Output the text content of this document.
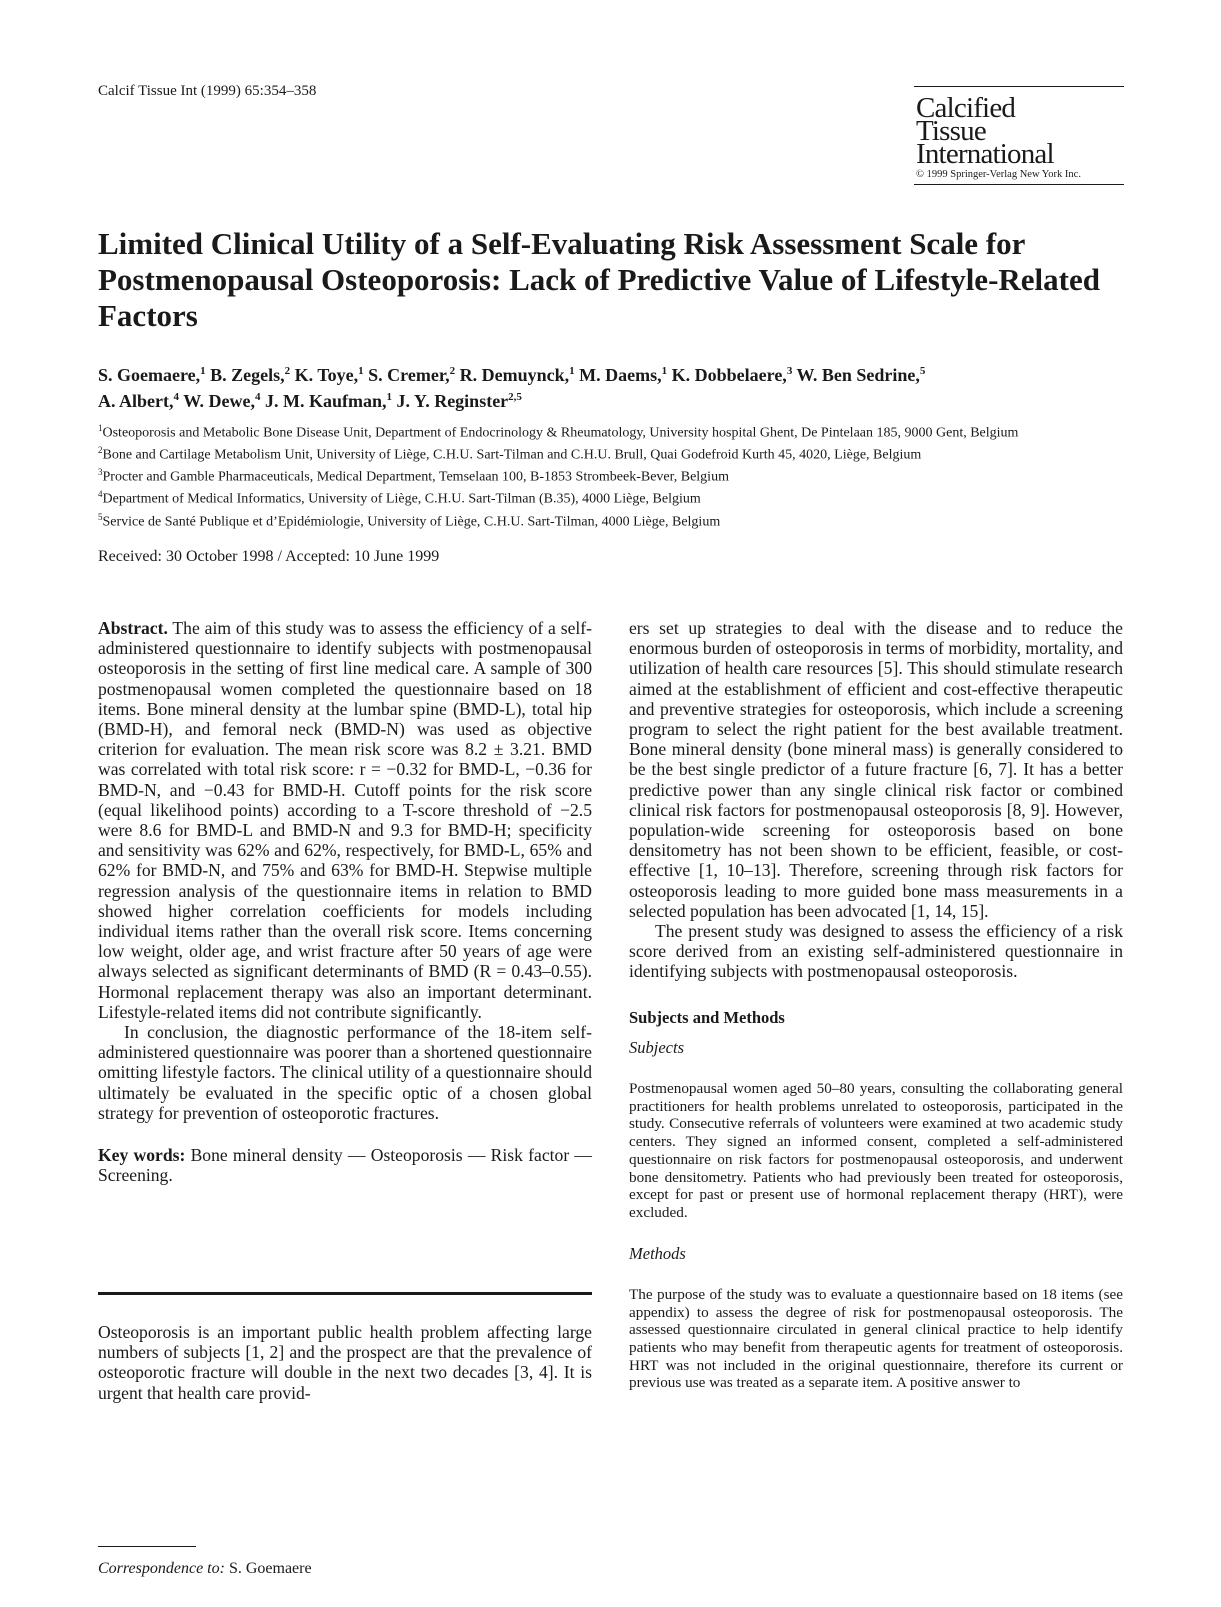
Calcif Tissue Int (1999) 65:354–358
Calcified
Tissue
International
© 1999 Springer-Verlag New York Inc.
Limited Clinical Utility of a Self-Evaluating Risk Assessment Scale for Postmenopausal Osteoporosis: Lack of Predictive Value of Lifestyle-Related Factors

S. Goemaere,$^1$ B. Zegels,$^2$ K. Toye,$^1$ S. Cremer,$^2$ R. Demuynck,$^1$ M. Daems,$^1$ K. Dobbelaere,$^3$ W. Ben Sedrine,$^5$
A. Albert,$^4$ W. Dewe,$^4$ J. M. Kaufman,$^1$ J. Y. Reginster$^{2,5}$

$^1$Osteoporosis and Metabolic Bone Disease Unit, Department of Endocrinology & Rheumatology, University hospital Ghent, De Pintelaan 185, 9000 Gent, Belgium
$^2$Bone and Cartilage Metabolism Unit, University of Liège, C.H.U. Sart-Tilman and C.H.U. Brull, Quai Godefroid Kurth 45, 4020, Liège, Belgium
$^3$Procter and Gamble Pharmaceuticals, Medical Department, Temselaan 100, B-1853 Strombeek-Bever, Belgium
$^4$Department of Medical Informatics, University of Liège, C.H.U. Sart-Tilman (B.35), 4000 Liège, Belgium
$^5$Service de Santé Publique et d’Epidémiologie, University of Liège, C.H.U. Sart-Tilman, 4000 Liège, Belgium
Received: 30 October 1998 / Accepted: 10 June 1999

Abstract. The aim of this study was to assess the efficiency of a self-administered questionnaire to identify subjects with postmenopausal osteoporosis in the setting of first line medical care. A sample of 300 postmenopausal women completed the questionnaire based on 18 items. Bone mineral density at the lumbar spine (BMD-L), total hip (BMD-H), and femoral neck (BMD-N) was used as objective criterion for evaluation. The mean risk score was 8.2 ± 3.21. BMD was correlated with total risk score: r = −0.32 for BMD-L, −0.36 for BMD-N, and −0.43 for BMD-H. Cutoff points for the risk score (equal likelihood points) according to a T-score threshold of −2.5 were 8.6 for BMD-L and BMD-N and 9.3 for BMD-H; specificity and sensitivity was 62% and 62%, respectively, for BMD-L, 65% and 62% for BMD-N, and 75% and 63% for BMD-H. Stepwise multiple regression analysis of the questionnaire items in relation to BMD showed higher correlation coefficients for models including individual items rather than the overall risk score. Items concerning low weight, older age, and wrist fracture after 50 years of age were always selected as significant determinants of BMD (R = 0.43–0.55). Hormonal replacement therapy was also an important determinant. Lifestyle-related items did not contribute significantly.

In conclusion, the diagnostic performance of the 18-item self-administered questionnaire was poorer than a shortened questionnaire omitting lifestyle factors. The clinical utility of a questionnaire should ultimately be evaluated in the specific optic of a chosen global strategy for prevention of osteoporotic fractures.

Key words: Bone mineral density — Osteoporosis — Risk factor — Screening.

Osteoporosis is an important public health problem affecting large numbers of subjects [1, 2] and the prospect are that the prevalence of osteoporotic fracture will double in the next two decades [3, 4]. It is urgent that health care provid-

Correspondence to: S. Goemaere

ers set up strategies to deal with the disease and to reduce the enormous burden of osteoporosis in terms of morbidity, mortality, and utilization of health care resources [5]. This should stimulate research aimed at the establishment of efficient and cost-effective therapeutic and preventive strategies for osteoporosis, which include a screening program to select the right patient for the best available treatment. Bone mineral density (bone mineral mass) is generally considered to be the best single predictor of a future fracture [6, 7]. It has a better predictive power than any single clinical risk factor or combined clinical risk factors for postmenopausal osteoporosis [8, 9]. However, population-wide screening for osteoporosis based on bone densitometry has not been shown to be efficient, feasible, or cost-effective [1, 10–13]. Therefore, screening through risk factors for osteoporosis leading to more guided bone mass measurements in a selected population has been advocated [1, 14, 15].

The present study was designed to assess the efficiency of a risk score derived from an existing self-administered questionnaire in identifying subjects with postmenopausal osteoporosis.

Subjects and Methods

Subjects

Postmenopausal women aged 50–80 years, consulting the collaborating general practitioners for health problems unrelated to osteoporosis, participated in the study. Consecutive referrals of volunteers were examined at two academic study centers. They signed an informed consent, completed a self-administered questionnaire on risk factors for postmenopausal osteoporosis, and underwent bone densitometry. Patients who had previously been treated for osteoporosis, except for past or present use of hormonal replacement therapy (HRT), were excluded.

Methods

The purpose of the study was to evaluate a questionnaire based on 18 items (see appendix) to assess the degree of risk for postmenopausal osteoporosis. The assessed questionnaire circulated in general clinical practice to help identify patients who may benefit from therapeutic agents for treatment of osteoporosis. HRT was not included in the original questionnaire, therefore its current or previous use was treated as a separate item. A positive answer to
